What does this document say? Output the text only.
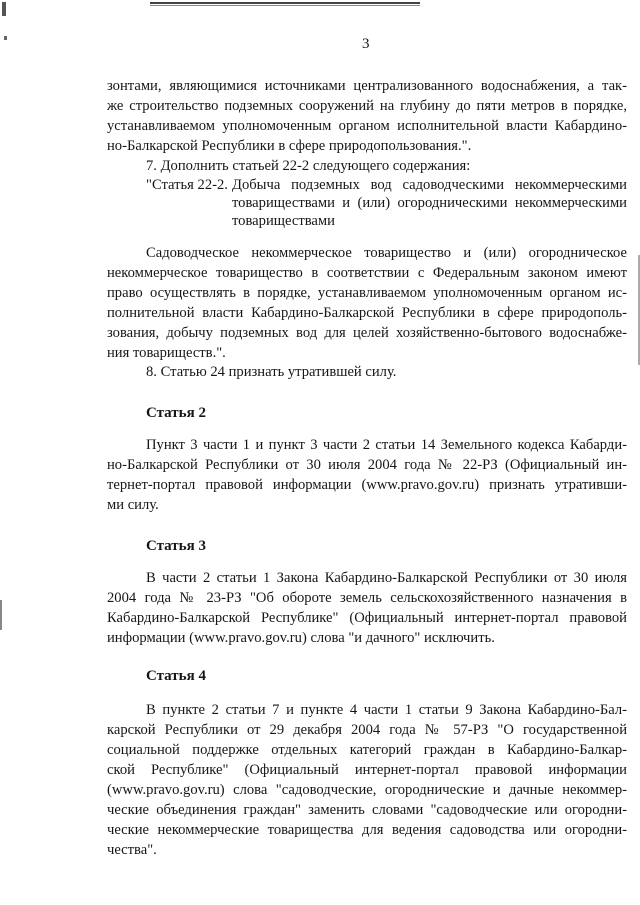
3
зонтами, являющимися источниками централизованного водоснабжения, а так-
же строительство подземных сооружений на глубину до пяти метров в порядке,
устанавливаемом уполномоченным органом исполнительной власти Кабардино-
но-Балкарской Республики в сфере природопользования.".
7. Дополнить статьей 22-2 следующего содержания:
"Статья 22-2. Добыча подземных вод садоводческими некоммерческими
товариществами и (или) огородническими некоммерческими
товариществами
Садоводческое некоммерческое товарищество и (или) огородническое
некоммерческое товарищество в соответствии с Федеральным законом имеют
право осуществлять в порядке, устанавливаемом уполномоченным органом ис-
полнительной власти Кабардино-Балкарской Республики в сфере природополь-
зования, добычу подземных вод для целей хозяйственно-бытового водоснабже-
ния товариществ.".
8. Статью 24 признать утратившей силу.
Статья 2
Пункт 3 части 1 и пункт 3 части 2 статьи 14 Земельного кодекса Кабарди-
но-Балкарской Республики от 30 июля 2004 года № 22-РЗ (Официальный ин-
тернет-портал правовой информации (www.pravo.gov.ru) признать утративши-
ми силу.
Статья 3
В части 2 статьи 1 Закона Кабардино-Балкарской Республики от 30 июля
2004 года № 23-РЗ "Об обороте земель сельскохозяйственного назначения в
Кабардино-Балкарской Республике" (Официальный интернет-портал правовой
информации (www.pravo.gov.ru) слова "и дачного" исключить.
Статья 4
В пункте 2 статьи 7 и пункте 4 части 1 статьи 9 Закона Кабардино-Бал-
карской Республики от 29 декабря 2004 года № 57-РЗ "О государственной
социальной поддержке отдельных категорий граждан в Кабардино-Балкар-
ской Республике" (Официальный интернет-портал правовой информации
(www.pravo.gov.ru) слова "садоводческие, огороднические и дачные некоммер-
ческие объединения граждан" заменить словами "садоводческие или огородни-
ческие некоммерческие товарищества для ведения садоводства или огородни-
чества".
